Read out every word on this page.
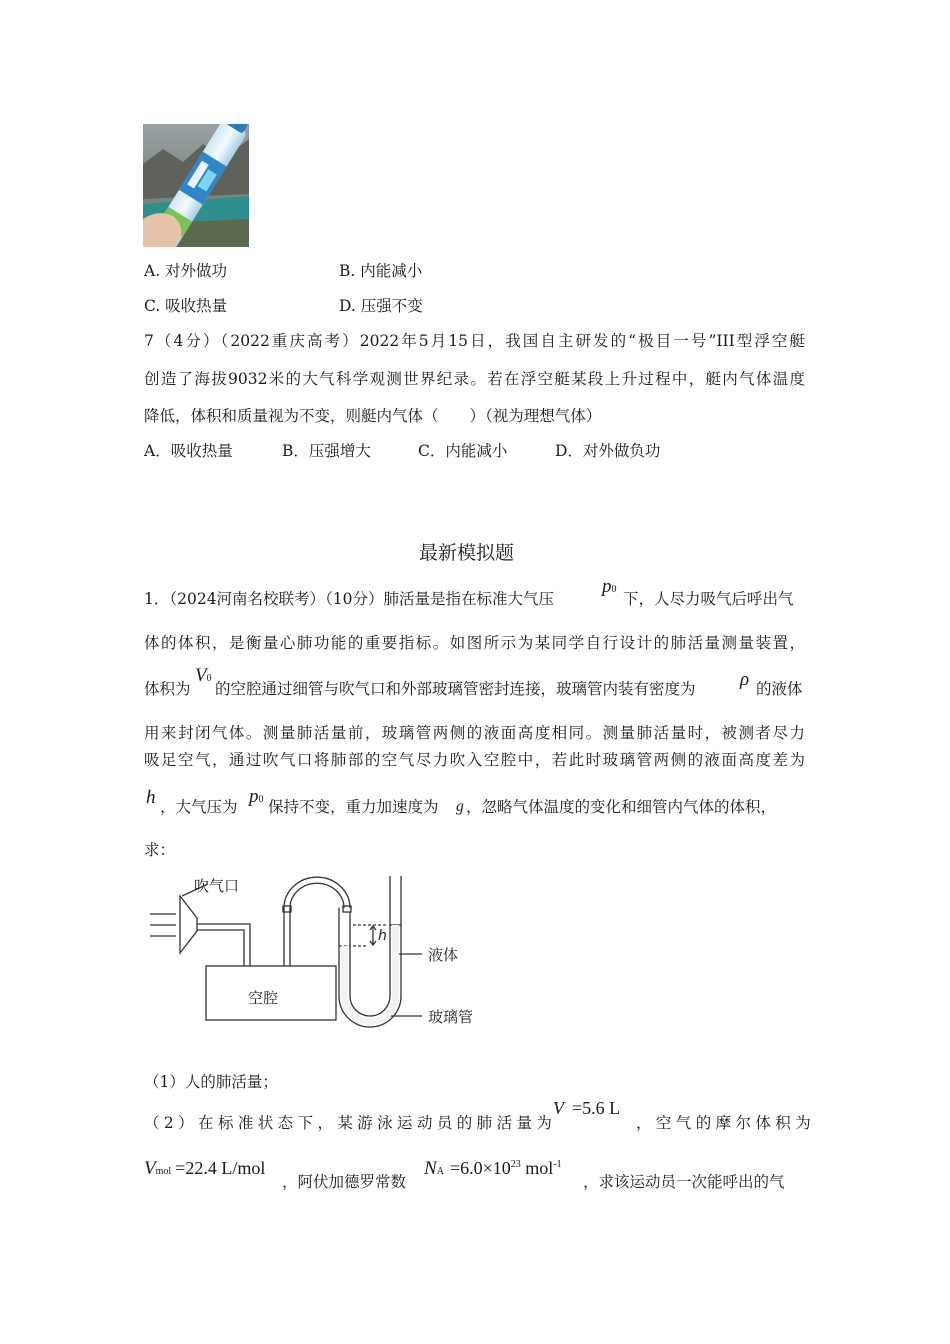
A. 对外做功	B. 内能减小
C. 吸收热量	D. 压强不变
7（4分）（2022重庆高考）2022年5月15日，我国自主研发的“极目一号”III型浮空艇
创造了海拔9032米的大气科学观测世界纪录。若在浮空艇某段上升过程中，艇内气体温度
降低，体积和质量视为不变，则艇内气体（　　）（视为理想气体）
A．吸收热量	B．压强增大	C．内能减小	D．对外做负功
最新模拟题
1．（2024河南名校联考）（10分）肺活量是指在标准大气压
p0
下，人尽力吸气后呼出气
体的体积，是衡量心肺功能的重要指标。如图所示为某同学自行设计的肺活量测量装置，
体积为
V0
的空腔通过细管与吹气口和外部玻璃管密封连接，玻璃管内装有密度为 ρ 的液体
用来封闭气体。测量肺活量前，玻璃管两侧的液面高度相同。测量肺活量时，被测者尽力
吸足空气，通过吹气口将肺部的空气尽力吹入空腔中，若此时玻璃管两侧的液面高度差为
h ，大气压为 p0 保持不变，重力加速度为 g ，忽略气体温度的变化和细管内气体的体积，
求：
吹气口
空腔
h
液体
玻璃管
（1）人的肺活量；
（2）在标准状态下，某游泳运动员的肺活量为
V =5.6 L
，空气的摩尔体积为
Vmol =22.4 L/mol
，阿伏加德罗常数
NA $=6.0\times 10^{23}$ mol$^{-1}$
，求该运动员一次能呼出的气
